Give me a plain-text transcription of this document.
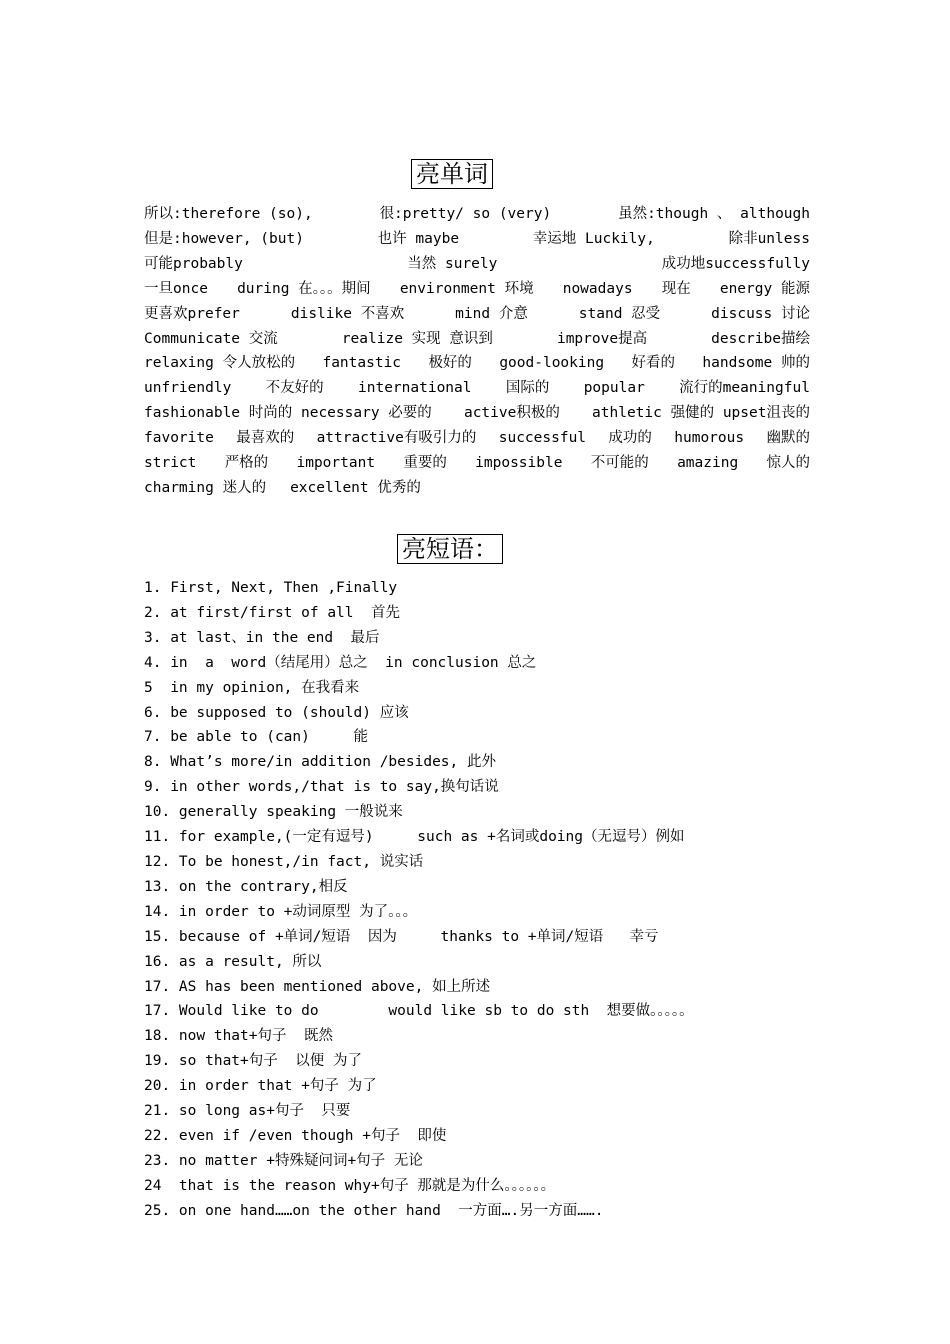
亮单词
所以:therefore (so),	很:pretty/ so (very)	虽然:though 、 although
但是:however, (but)	也许 maybe	幸运地 Luckily,	除非unless
可能probably	当然 surely	成功地successfully
一旦once during 在。。。期间 environment 环境 nowadays 现在 energy 能源
更喜欢prefer	dislike 不喜欢	mind 介意	stand 忍受	discuss 讨论
Communicate 交流	realize 实现 意识到	improve提高	describe描绘
relaxing 令人放松的 fantastic 极好的 good-looking 好看的 handsome 帅的
unfriendly 不友好的 international 国际的 popular 流行的meaningful
fashionable 时尚的 necessary 必要的 active积极的 athletic 强健的 upset沮丧的
favorite 最喜欢的 attractive有吸引力的 successful 成功的 humorous 幽默的
strict 严格的 important 重要的 impossible 不可能的 amazing 惊人的
charming 迷人的 excellent 优秀的
亮短语：
1. First, Next, Then ,Finally
2. at first/first of all  首先
3. at last、in the end  最后
4. in  a  word（结尾用）总之  in conclusion 总之
5  in my opinion, 在我看来
6. be supposed to (should) 应该
7. be able to (can)     能
8. What’s more/in addition /besides, 此外
9. in other words,/that is to say,换句话说
10. generally speaking 一般说来
11. for example,(一定有逗号)     such as +名词或doing（无逗号）例如
12. To be honest,/in fact, 说实话
13. on the contrary,相反
14. in order to +动词原型 为了。。。
15. because of +单词/短语  因为     thanks to +单词/短语   幸亏
16. as a result, 所以
17. AS has been mentioned above, 如上所述
17. Would like to do        would like sb to do sth  想要做。。。。。
18. now that+句子  既然
19. so that+句子  以便 为了
20. in order that +句子 为了
21. so long as+句子  只要
22. even if /even though +句子  即使
23. no matter +特殊疑问词+句子 无论
24  that is the reason why+句子 那就是为什么。。。。。。
25. on one hand……on the other hand  一方面….另一方面…….
